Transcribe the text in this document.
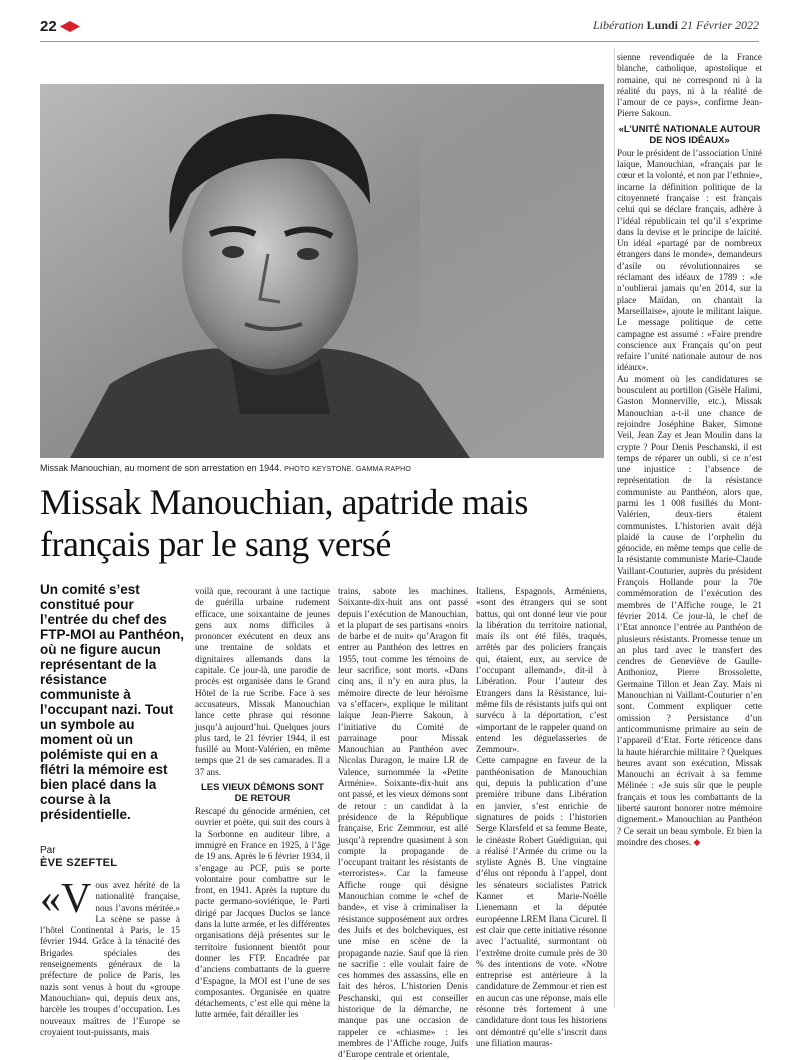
22	Libération Lundi 21 Février 2022
Missak Manouchian, au moment de son arrestation en 1944. PHOTO KEYSTONE. GAMMA RAPHO
Missak Manouchian, apatride mais français par le sang versé

Un comité s’est constitué pour l’entrée du chef des FTP-MOI au Panthéon, où ne figure aucun représentant de la résistance communiste à l’occupant nazi. Tout un symbole au moment où un polémiste qui en a flétri la mémoire est bien placé dans la course à la présidentielle.

Par
ÈVE SZEFTEL
«V ous avez hérité de la nationalité française, nous l’avons méritée.» La scène se passe à l’hôtel Continental à Paris, le 15 février 1944. Grâce à la ténacité des Brigades spéciales des renseignements généraux de la préfecture de police de Paris, les nazis sont venus à bout du «groupe Manouchian» qui, depuis deux ans, harcèle les troupes d’occupation. Les nouveaux maîtres de l’Europe se croyaient tout-puissants, mais

voilà que, recourant à une tactique de guérilla urbaine rudement efficace, une soixantaine de jeunes gens aux noms difficiles à prononcer exécutent en deux ans une trentaine de soldats et dignitaires allemands dans la capitale. Ce jour-là, une parodie de procès est organisée dans le Grand Hôtel de la rue Scribe. Face à ses accusateurs, Missak Manouchian lance cette phrase qui résonne jusqu’à aujourd’hui. Quelques jours plus tard, le 21 février 1944, il est fusillé au Mont-Valérien, en même temps que 21 de ses camarades. Il a 37 ans.

LES VIEUX DÉMONS SONT DE RETOUR

Rescapé du génocide arménien, cet ouvrier et poète, qui suit des cours à la Sorbonne en auditeur libre, a immigré en France en 1925, à l’âge de 19 ans. Après le 6 février 1934, il s’engage au PCF, puis se porte volontaire pour combattre sur le front, en 1941. Après la rupture du pacte germano-soviétique, le Parti dirigé par Jacques Duclos se lance dans la lutte armée, et les différentes organisations déjà présentes sur le territoire fusionnent bientôt pour donner les FTP. Encadrée par d’anciens combattants de la guerre d’Espagne, la MOI est l’une de ses composantes. Organisée en quatre détachements, c’est elle qui mène la lutte armée, fait dérailler les

trains, sabote les machines. Soixante-dix-huit ans ont passé depuis l’exécution de Manouchian, et la plupart de ses partisans «noirs de barbe et de nuit» qu’Aragon fit entrer au Panthéon des lettres en 1955, tout comme les témoins de leur sacrifice, sont morts. «Dans cinq ans, il n’y en aura plus, la mémoire directe de leur héroïsme va s’effacer», explique le militant laïque Jean-Pierre Sakoun, à l’initiative du Comité de parrainage pour Missak Manouchian au Panthéon avec Nicolas Daragon, le maire LR de Valence, surnommée la «Petite Arménie». Soixante-dix-huit ans ont passé, et les vieux démons sont de retour : un candidat à la présidence de la République française, Eric Zemmour, est allé jusqu’à reprendre quasiment à son compte la propagande de l’occupant traitant les résistants de «terroristes». Car la fameuse Affiche rouge qui désigne Manouchian comme le «chef de bande», et vise à criminaliser la résistance supposément aux ordres des Juifs et des bolcheviques, est une mise en scène de la propagande nazie. Sauf que là rien ne sacrifie : elle voulait faire de ces hommes des assassins, elle en fait des héros. L’historien Denis Peschanski, qui est conseiller historique de la démarche, ne manque pas une occasion de rappeler ce «chiasme» : les membres de l’Affiche rouge, Juifs d’Europe centrale et orientale,

Italiens, Espagnols, Arméniens, «sont des étrangers qui se sont battus, qui ont donné leur vie pour la libération du territoire national, mais ils ont été filés, traqués, arrêtés par des policiers français qui, étaient, eux, au service de l’occupant allemand», dit-il à Libération. Pour l’auteur des Etrangers dans la Résistance, lui-même fils de résistants juifs qui ont survécu à la déportation, c’est «important de le rappeler quand on entend les déguelasseries de Zemmour».

Cette campagne en faveur de la panthéonisation de Manouchian qui, depuis la publication d’une première tribune dans Libération en janvier, s’est enrichie de signatures de poids : l’historien Serge Klarsfeld et sa femme Beate, le cinéaste Robert Guédiguian, qui a réalisé l’Armée du crime ou la styliste Agnès B. Une vingtaine d’élus ont répondu à l’appel, dont les sénateurs socialistes Patrick Kanner et Marie-Noëlle Lienemann et la députée européenne LREM Ilana Cicurel. Il est clair que cette initiative résonne avec l’actualité, surmontant où l’extrême droite cumule près de 30 % des intentions de vote. «Notre entreprise est antérieure à la candidature de Zemmour et rien est en aucun cas une réponse, mais elle résonne très fortement à une candidature dont tous les historiens ont démontré qu’elle s’inscrit dans une filiation mauras-

sienne revendiquée de la France blanche, catholique, apostolique et romaine, qui ne correspond ni à la réalité du pays, ni à la réalité de l’amour de ce pays», confirme Jean-Pierre Sakoun.

«L’UNITÉ NATIONALE AUTOUR DE NOS IDÉAUX»

Pour le président de l’association Unité laïque, Manouchian, «français par le cœur et la volonté, et non par l’ethnie», incarne la définition politique de la citoyenneté française : est français celui qui se déclare français, adhère à l’idéal républicain tel qu’il s’exprime dans la devise et le principe de laïcité. Un idéal «partagé par de nombreux étrangers dans le monde», demandeurs d’asile ou révolutionnaires se réclamant des idéaux de 1789 : «Je n’oublierai jamais qu’en 2014, sur la place Maïdan, on chantait la Marseillaise», ajoute le militant laïque. Le message politique de cette campagne est assumé : «Faire prendre conscience aux Français qu’on peut refaire l’unité nationale autour de nos idéaux».

Au moment où les candidatures se bousculent au portillon (Gisèle Halimi, Gaston Monnerville, etc.), Missak Manouchian a-t-il une chance de rejoindre Joséphine Baker, Simone Veil, Jean Zay et Jean Moulin dans la crypte ? Pour Denis Peschanski, il est temps de réparer un oubli, si ce n’est une injustice : l’absence de représentation de la résistance communiste au Panthéon, alors que, parmi les 1 008 fusillés du Mont-Valérien, deux-tiers étaient communistes. L’historien avait déjà plaidé la cause de l’orphelin du génocide, en même temps que celle de la résistante communiste Marie-Claude Vaillant-Couturier, auprès du président François Hollande pour la 70e commémoration de l’exécution des membres de l’Affiche rouge, le 21 février 2014. Ce jour-là, le chef de l’Etat annonce l’entrée au Panthéon de plusieurs résistants. Promesse tenue un an plus tard avec le transfert des cendres de Geneviève de Gaulle-Anthonioz, Pierre Brossolette, Germaine Tillon et Jean Zay. Mais ni Manouchian ni Vaillant-Couturier n’en sont. Comment expliquer cette omission ? Persistance d’un anticommunisme primaire au sein de l’appareil d’Etat. Forte réticence dans la haute hiérarchie militaire ? Quelques heures avant son exécution, Missak Manouchi an écrivait à sa femme Mélinée : «Je suis sûr que le peuple français et tous les combattants de la liberté sauront honorer notre mémoire dignement.» Manouchian au Panthéon ? Ce serait un beau symbole. Et bien la moindre des choses. ◆
